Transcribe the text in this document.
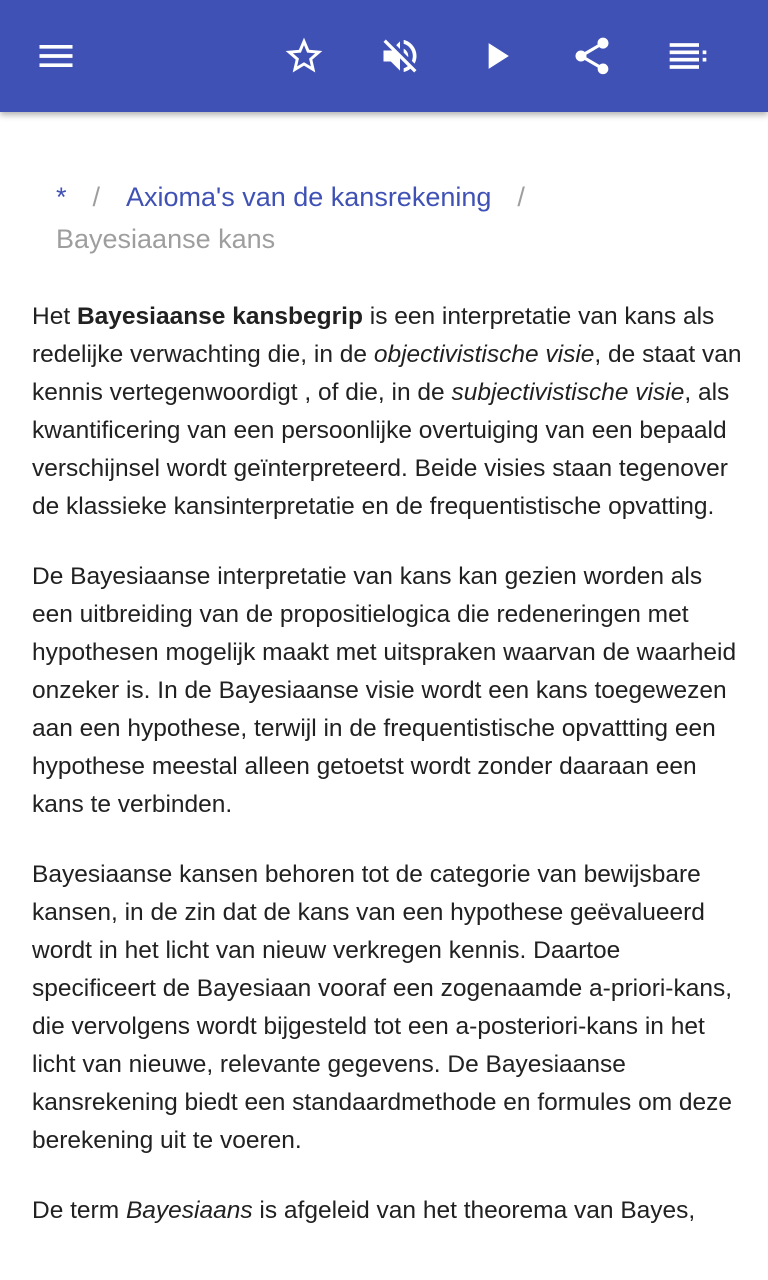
* / Axioma's van de kansrekening /
Bayesiaanse kans

Het Bayesiaanse kansbegrip is een interpretatie van kans als redelijke verwachting die, in de objectivistische visie, de staat van kennis vertegenwoordigt , of die, in de subjectivistische visie, als kwantificering van een persoonlijke overtuiging van een bepaald verschijnsel wordt geïnterpreteerd. Beide visies staan tegenover de klassieke kansinterpretatie en de frequentistische opvatting.

De Bayesiaanse interpretatie van kans kan gezien worden als een uitbreiding van de propositielogica die redeneringen met hypothesen mogelijk maakt met uitspraken waarvan de waarheid onzeker is. In de Bayesiaanse visie wordt een kans toegewezen aan een hypothese, terwijl in de frequentistische opvattting een hypothese meestal alleen getoetst wordt zonder daaraan een kans te verbinden.

Bayesiaanse kansen behoren tot de categorie van bewijsbare kansen, in de zin dat de kans van een hypothese geëvalueerd wordt in het licht van nieuw verkregen kennis. Daartoe specificeert de Bayesiaan vooraf een zogenaamde a-priori-kans, die vervolgens wordt bijgesteld tot een a-posteriori-kans in het licht van nieuwe, relevante gegevens. De Bayesiaanse kansrekening biedt een standaardmethode en formules om deze berekening uit te voeren.

De term Bayesiaans is afgeleid van het theorema van Bayes,
